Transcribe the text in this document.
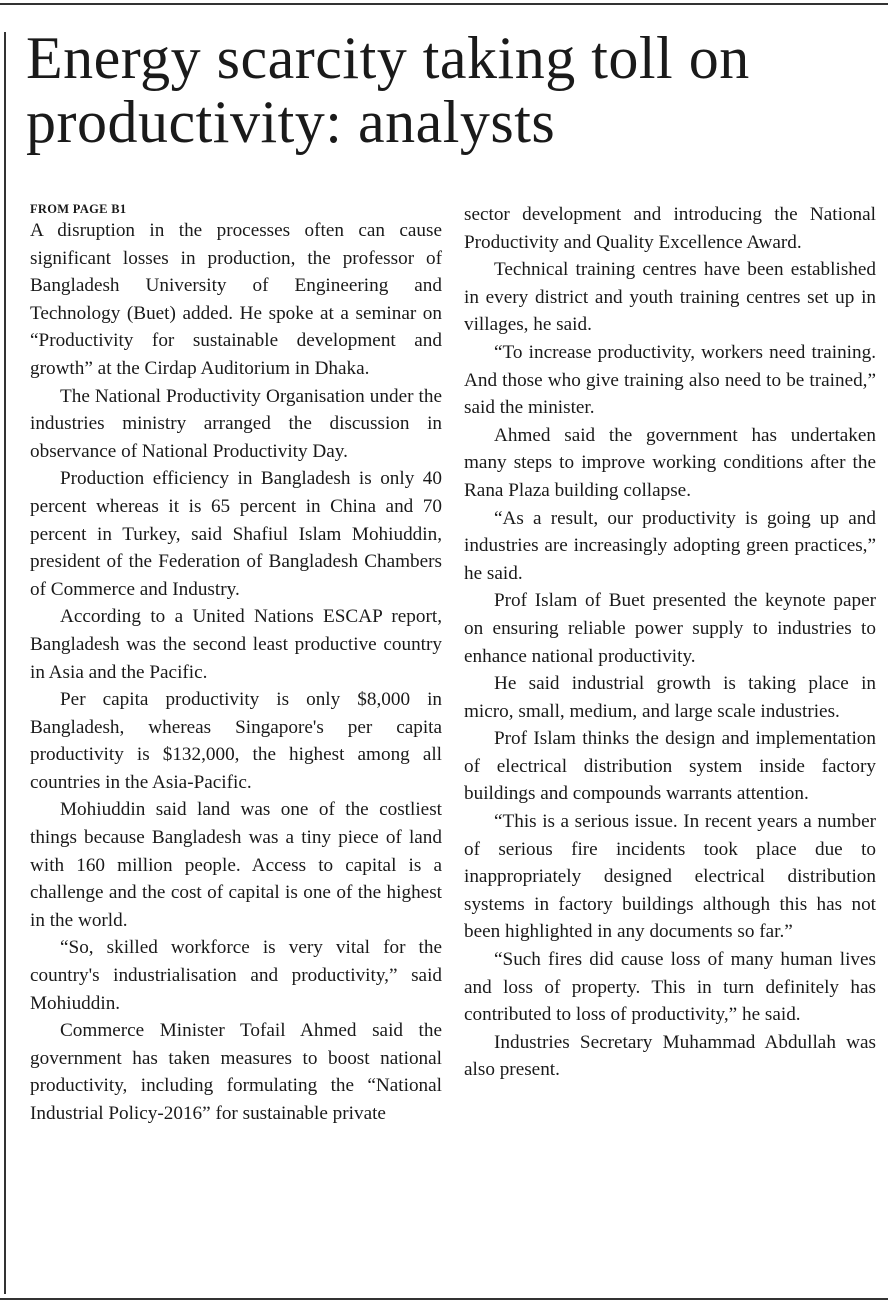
Energy scarcity taking toll on productivity: analysts
FROM PAGE B1

A disruption in the processes often can cause significant losses in production, the professor of Bangladesh University of Engineering and Technology (Buet) added. He spoke at a seminar on “Productivity for sustainable development and growth” at the Cirdap Auditorium in Dhaka.

The National Productivity Organisation under the industries ministry arranged the discussion in observance of National Productivity Day.

Production efficiency in Bangladesh is only 40 percent whereas it is 65 percent in China and 70 percent in Turkey, said Shafiul Islam Mohiuddin, president of the Federation of Bangladesh Chambers of Commerce and Industry.

According to a United Nations ESCAP report, Bangladesh was the second least productive country in Asia and the Pacific.

Per capita productivity is only $8,000 in Bangladesh, whereas Singapore's per capita productivity is $132,000, the highest among all countries in the Asia-Pacific.

Mohiuddin said land was one of the costliest things because Bangladesh was a tiny piece of land with 160 million people. Access to capital is a challenge and the cost of capital is one of the highest in the world.

“So, skilled workforce is very vital for the country's industrialisation and productivity,” said Mohiuddin.

Commerce Minister Tofail Ahmed said the government has taken measures to boost national productivity, including formulating the “National Industrial Policy-2016” for sustainable private

sector development and introducing the National Productivity and Quality Excellence Award.

Technical training centres have been established in every district and youth training centres set up in villages, he said.

“To increase productivity, workers need training. And those who give training also need to be trained,” said the minister.

Ahmed said the government has undertaken many steps to improve working conditions after the Rana Plaza building collapse.

“As a result, our productivity is going up and industries are increasingly adopting green practices,” he said.

Prof Islam of Buet presented the keynote paper on ensuring reliable power supply to industries to enhance national productivity.

He said industrial growth is taking place in micro, small, medium, and large scale industries.

Prof Islam thinks the design and implementation of electrical distribution system inside factory buildings and compounds warrants attention.

“This is a serious issue. In recent years a number of serious fire incidents took place due to inappropriately designed electrical distribution systems in factory buildings although this has not been highlighted in any documents so far.”

“Such fires did cause loss of many human lives and loss of property. This in turn definitely has contributed to loss of productivity,” he said.

Industries Secretary Muhammad Abdullah was also present.
